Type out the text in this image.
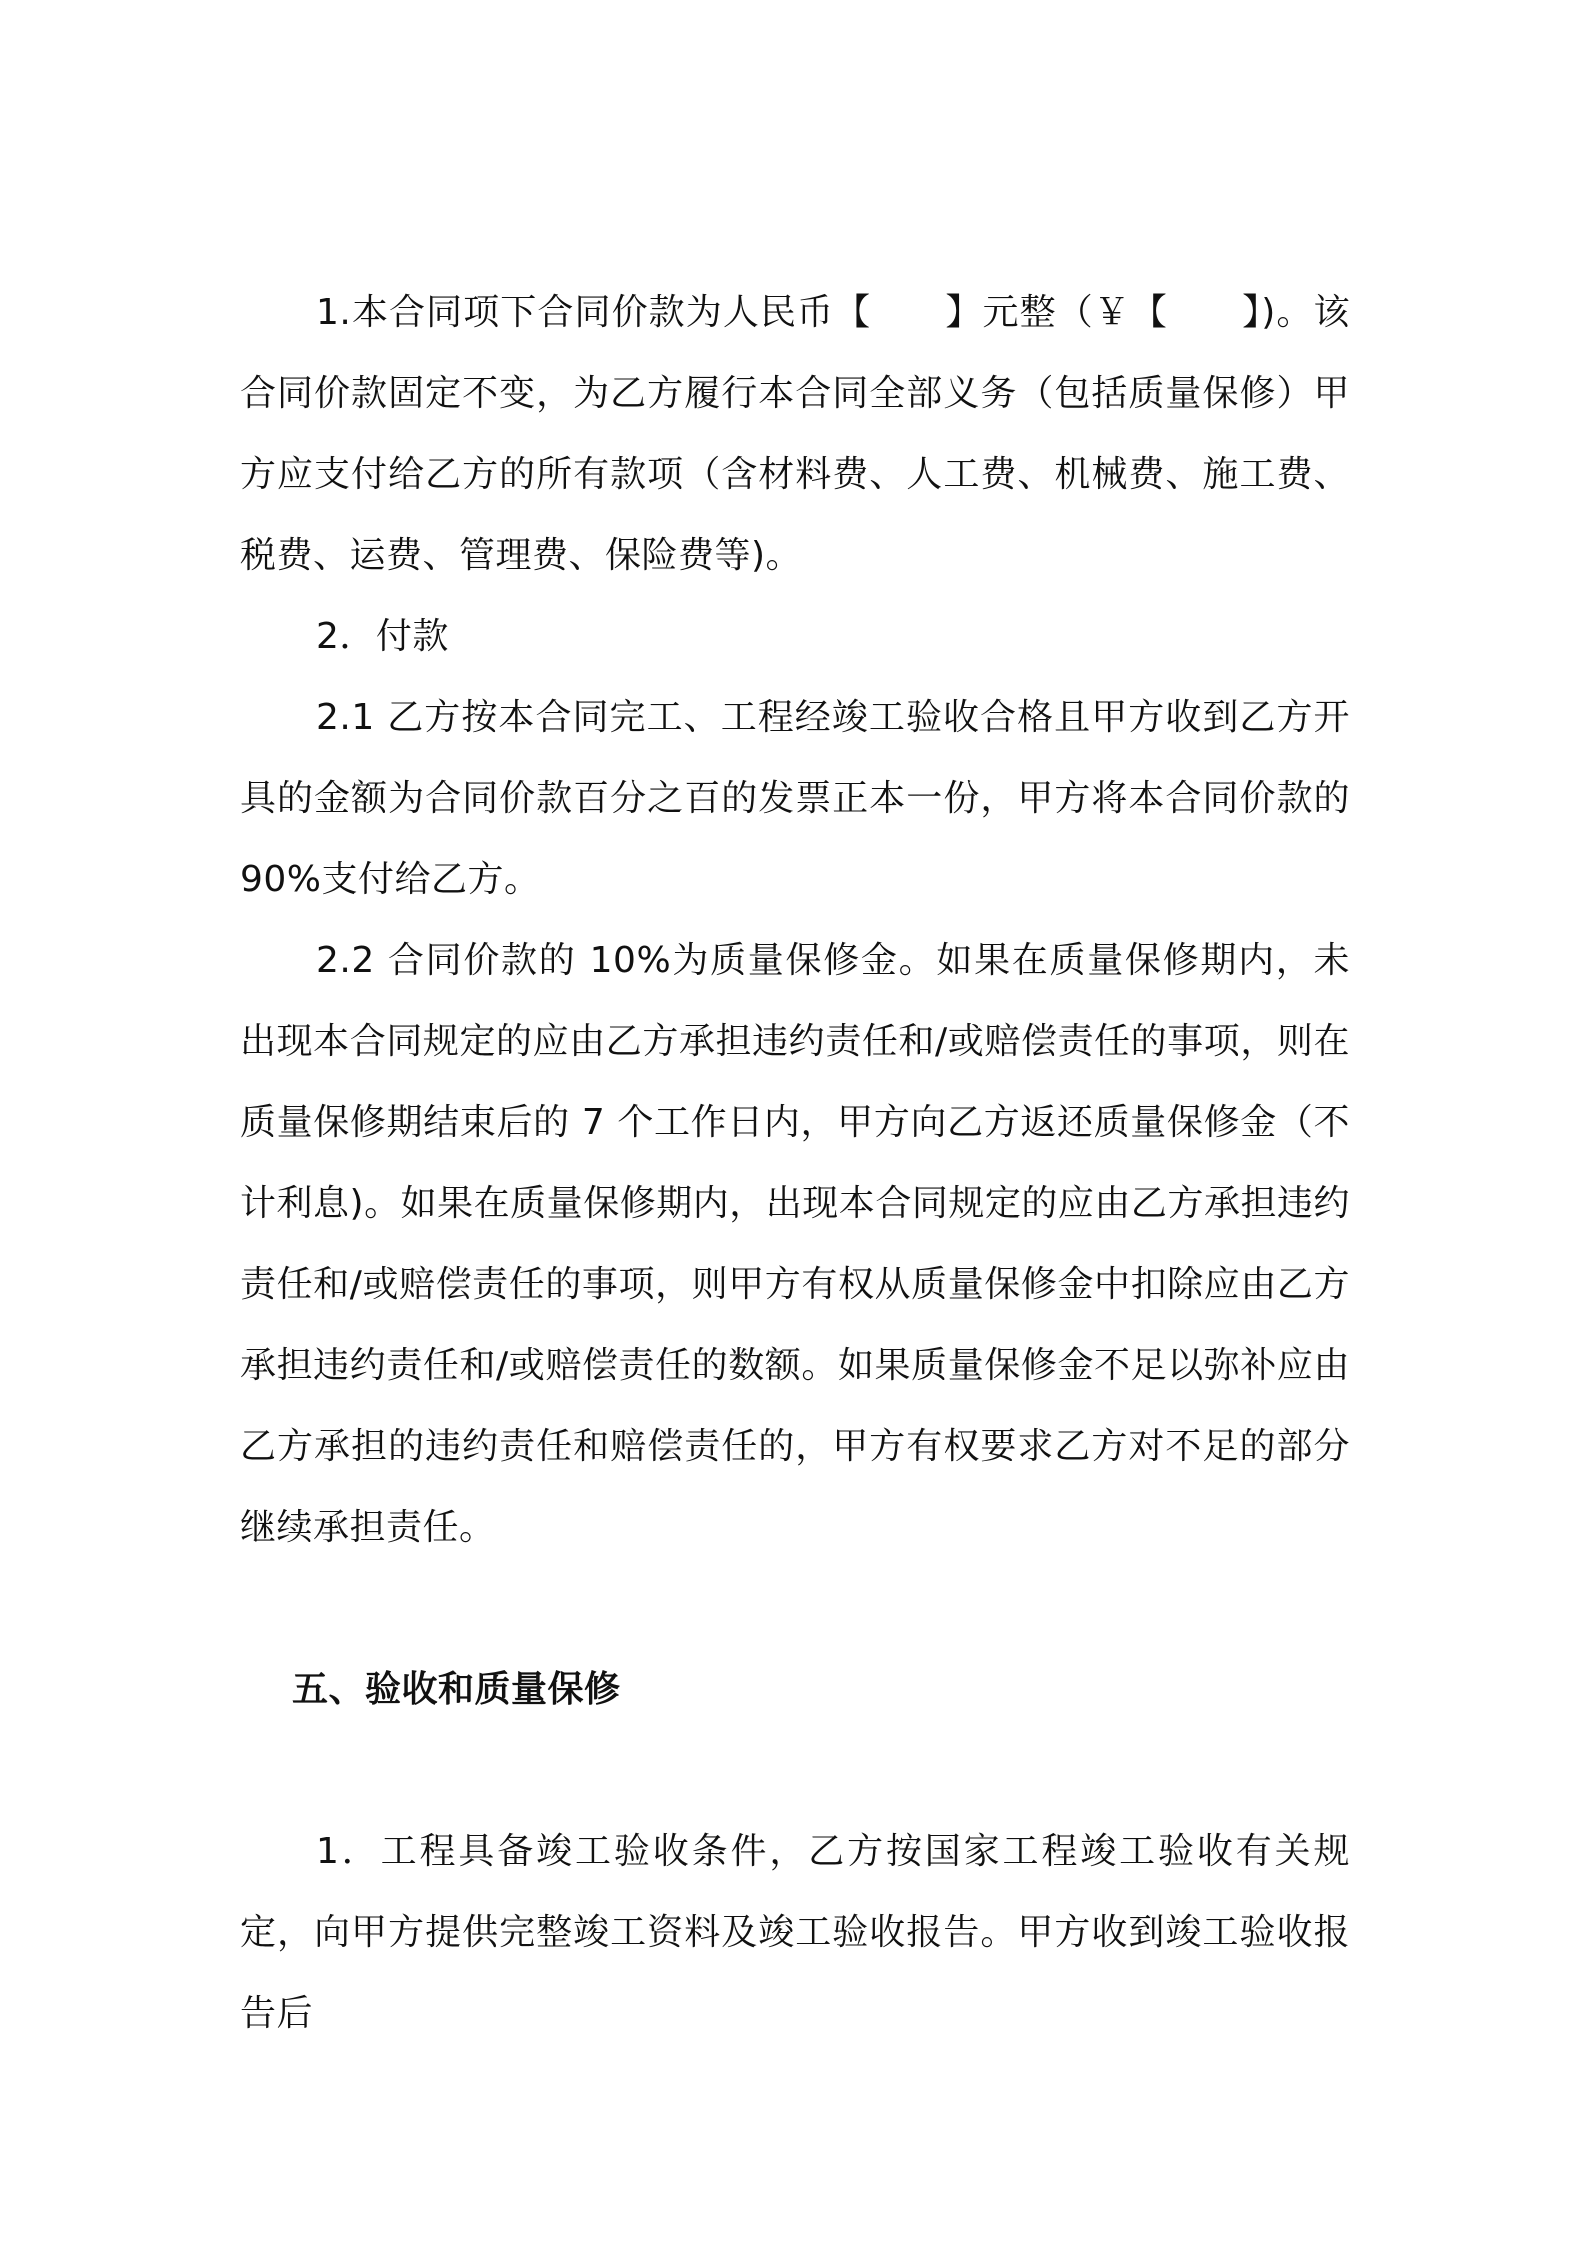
1.本合同项下合同价款为人民币【　　】元整（￥【　　】)。该合同价款固定不变，为乙方履行本合同全部义务（包括质量保修）甲方应支付给乙方的所有款项（含材料费、人工费、机械费、施工费、税费、运费、管理费、保险费等)。

2．付款

2.1 乙方按本合同完工、工程经竣工验收合格且甲方收到乙方开具的金额为合同价款百分之百的发票正本一份，甲方将本合同价款的90%支付给乙方。

2.2 合同价款的 10%为质量保修金。如果在质量保修期内，未出现本合同规定的应由乙方承担违约责任和/或赔偿责任的事项，则在质量保修期结束后的 7 个工作日内，甲方向乙方返还质量保修金（不计利息)。如果在质量保修期内，出现本合同规定的应由乙方承担违约责任和/或赔偿责任的事项，则甲方有权从质量保修金中扣除应由乙方承担违约责任和/或赔偿责任的数额。如果质量保修金不足以弥补应由乙方承担的违约责任和赔偿责任的，甲方有权要求乙方对不足的部分继续承担责任。

五、验收和质量保修

1．工程具备竣工验收条件，乙方按国家工程竣工验收有关规定，向甲方提供完整竣工资料及竣工验收报告。甲方收到竣工验收报告后
